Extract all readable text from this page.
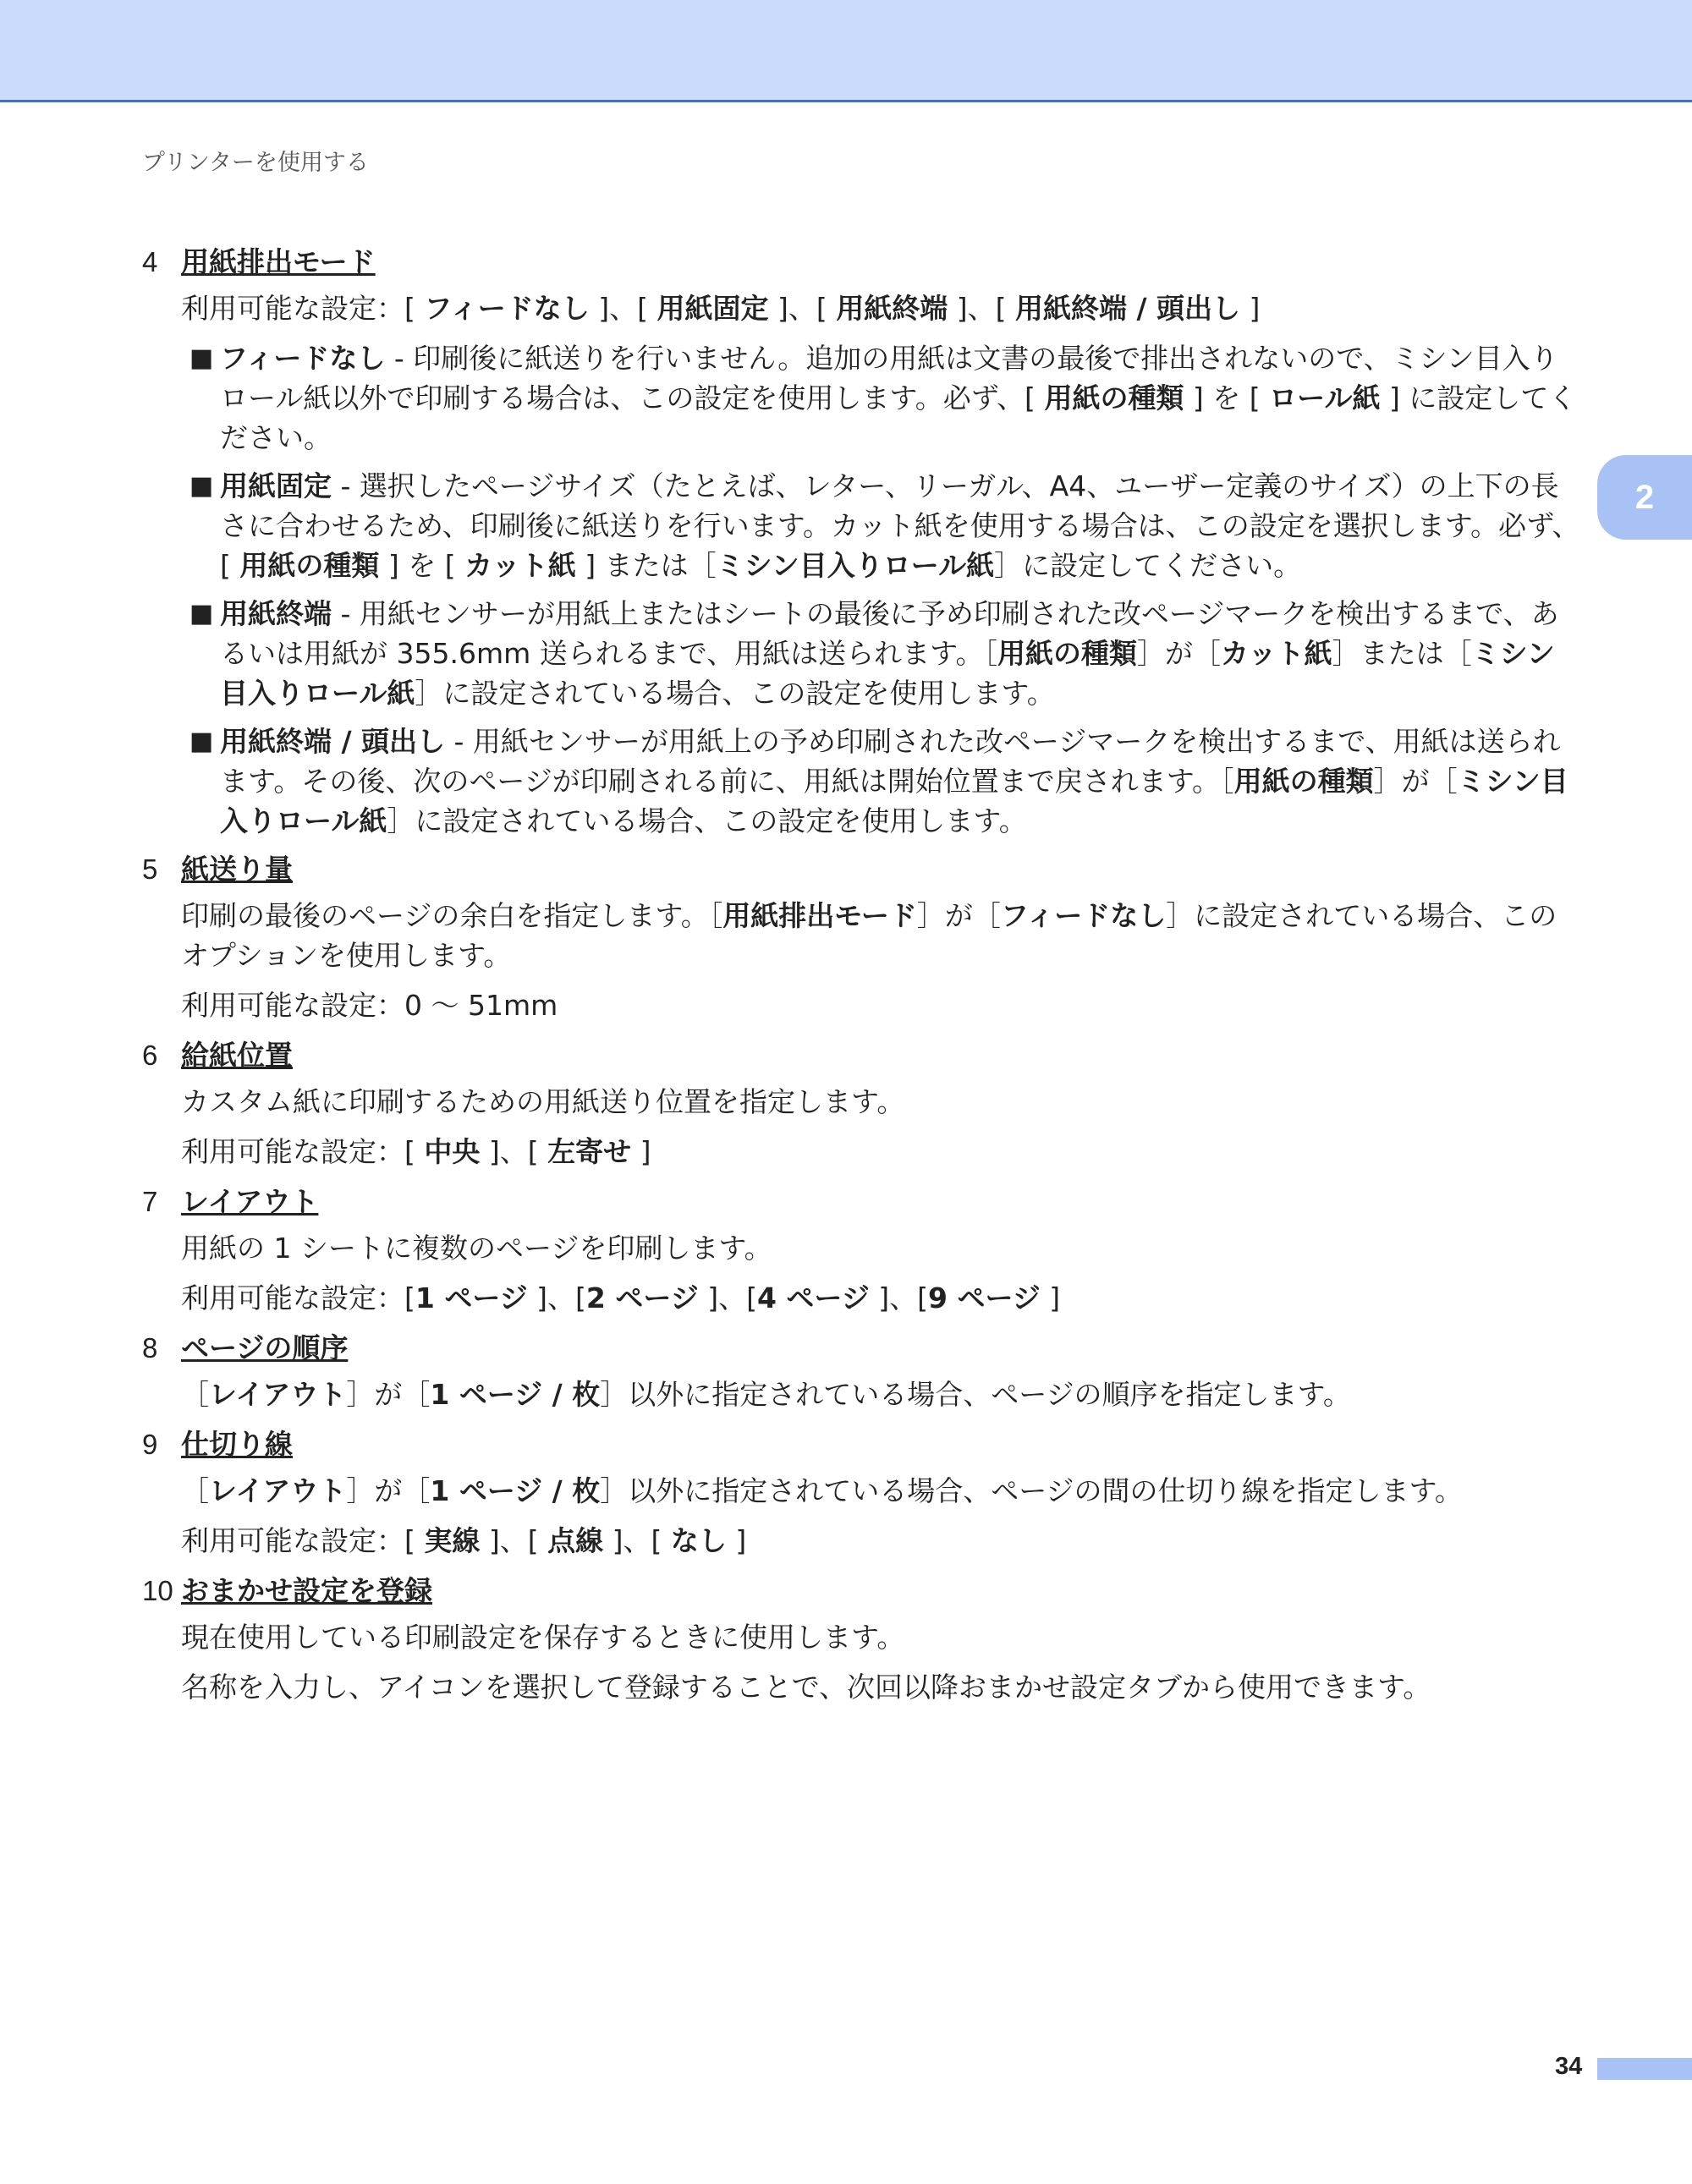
プリンターを使用する
2
4 用紙排出モード
利用可能な設定：[ フィードなし ]、[ 用紙固定 ]、[ 用紙終端 ]、[ 用紙終端 / 頭出し ]
■ フィードなし - 印刷後に紙送りを行いません。追加の用紙は文書の最後で排出されないので、ミシン目入りロール紙以外で印刷する場合は、この設定を使用します。必ず、[ 用紙の種類 ] を [ ロール紙 ] に設定してください。
■ 用紙固定 - 選択したページサイズ（たとえば、レター、リーガル、A4、ユーザー定義のサイズ）の上下の長さに合わせるため、印刷後に紙送りを行います。カット紙を使用する場合は、この設定を選択します。必ず、[ 用紙の種類 ] を [ カット紙 ] または［ミシン目入りロール紙］に設定してください。
■ 用紙終端 - 用紙センサーが用紙上またはシートの最後に予め印刷された改ページマークを検出するまで、あるいは用紙が 355.6mm 送られるまで、用紙は送られます。［用紙の種類］が［カット紙］または［ミシン目入りロール紙］に設定されている場合、この設定を使用します。
■ 用紙終端 / 頭出し - 用紙センサーが用紙上の予め印刷された改ページマークを検出するまで、用紙は送られます。その後、次のページが印刷される前に、用紙は開始位置まで戻されます。［用紙の種類］が［ミシン目入りロール紙］に設定されている場合、この設定を使用します。
5 紙送り量
印刷の最後のページの余白を指定します。［用紙排出モード］が［フィードなし］に設定されている場合、このオプションを使用します。
利用可能な設定：0 〜 51mm
6 給紙位置
カスタム紙に印刷するための用紙送り位置を指定します。
利用可能な設定：[ 中央 ]、[ 左寄せ ]
7 レイアウト
用紙の 1 シートに複数のページを印刷します。
利用可能な設定：[1 ページ ]、[2 ページ ]、[4 ページ ]、[9 ページ ]
8 ページの順序
［レイアウト］が［1 ページ / 枚］以外に指定されている場合、ページの順序を指定します。
9 仕切り線
［レイアウト］が［1 ページ / 枚］以外に指定されている場合、ページの間の仕切り線を指定します。
利用可能な設定：[ 実線 ]、[ 点線 ]、[ なし ]
10 おまかせ設定を登録
現在使用している印刷設定を保存するときに使用します。
名称を入力し、アイコンを選択して登録することで、次回以降おまかせ設定タブから使用できます。
34
